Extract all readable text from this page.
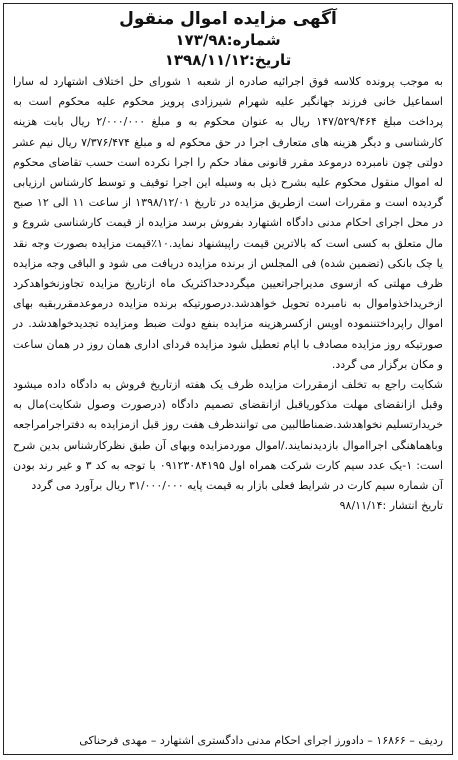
آگهی مزایده اموال منقول
شماره:۱۷۳/۹۸
تاریخ:۱۳۹۸/۱۱/۱۲

به موجب پرونده کلاسه فوق اجرائیه صادره از شعبه ۱ شورای حل اختلاف اشتهارد له سارا اسماعیل خانی فرزند جهانگیر علیه شهرام شیرزادی پرویز محکوم علیه محکوم است به پرداخت مبلغ ۱۴۷/۵۲۹/۴۶۴ ریال به عنوان محکوم به و مبلغ ۲/۰۰۰/۰۰۰ ریال بابت هزینه کارشناسی و دیگر هزینه های متعارف اجرا در حق محکوم له و مبلغ ۷/۳۷۶/۴۷۴ ریال نیم عشر دولتی چون نامبرده درموعد مقرر قانونی مفاد حکم را اجرا نکرده است حسب تقاضای محکوم له اموال منقول محکوم علیه بشرح ذیل به وسیله این اجرا توقیف و توسط کارشناس ارزیابی گردیده است و مقررات است ازطریق مزایده در تاریخ ۱۳۹۸/۱۲/۰۱ از ساعت ۱۱ الی ۱۲ صبح در محل اجرای احکام مدنی دادگاه اشتهارد بفروش برسد مزایده از قیمت کارشناسی شروع و مال متعلق به کسی است که بالاترین قیمت راپیشنهاد نماید.۱۰٪قیمت مزایده بصورت وجه نقد یا چک بانکی (تضمین شده) فی المجلس از برنده مزایده دریافت می شود و الباقی وجه مزایده ظرف مهلتی که ازسوی مدیراجراتعیین میگرددحداکثریک ماه ازتاریخ مزایده تجاوزنخواهدکرد ازخریداخذواموال به نامبرده تحویل خواهدشد.درصورتیکه برنده مزایده درموعدمقرربقیه بهای اموال راپرداختننموده اوپس ازکسرهزینه مزایده بنفع دولت ضبط ومزایده تجدیدخواهدشد. در صورتیکه روز مزایده مصادف با ایام تعطیل شود مزایده فردای اداری همان روز در همان ساعت و مکان برگزار می گردد.

شکایت راجع به تخلف ازمقررات مزایده ظرف یک هفته ازتاریخ فروش به دادگاه داده میشود وقبل ازانقضای مهلت مذکورياقبل ازانقضای تصمیم دادگاه (درصورت وصول شکایت)مال به خریدارتسلیم نخواهدشد.ضمناطالبین می توانندظرف هفت روز قبل ازمزایده به دفتراجرامراجعه وباهماهنگی اجرااموال بازدیدنمایند./اموال موردمزایده وبهای آن طبق نظرکارشناس بدین شرح است: ۱-یک عدد سیم کارت شرکت همراه اول ۰۹۱۲۳۰۸۴۱۹۵ با توجه به کد ۳ و غیر رند بودن آن شماره سیم کارت در شرایط فعلی بازار به قیمت پایه ۳۱/۰۰۰/۰۰۰ ریال برآورد می گردد

تاریخ انتشار :۹۸/۱۱/۱۴
ردیف – ۱۶۸۶۶ – دادورز اجرای احکام مدنی دادگستری اشتهارد – مهدی فرحناکی
